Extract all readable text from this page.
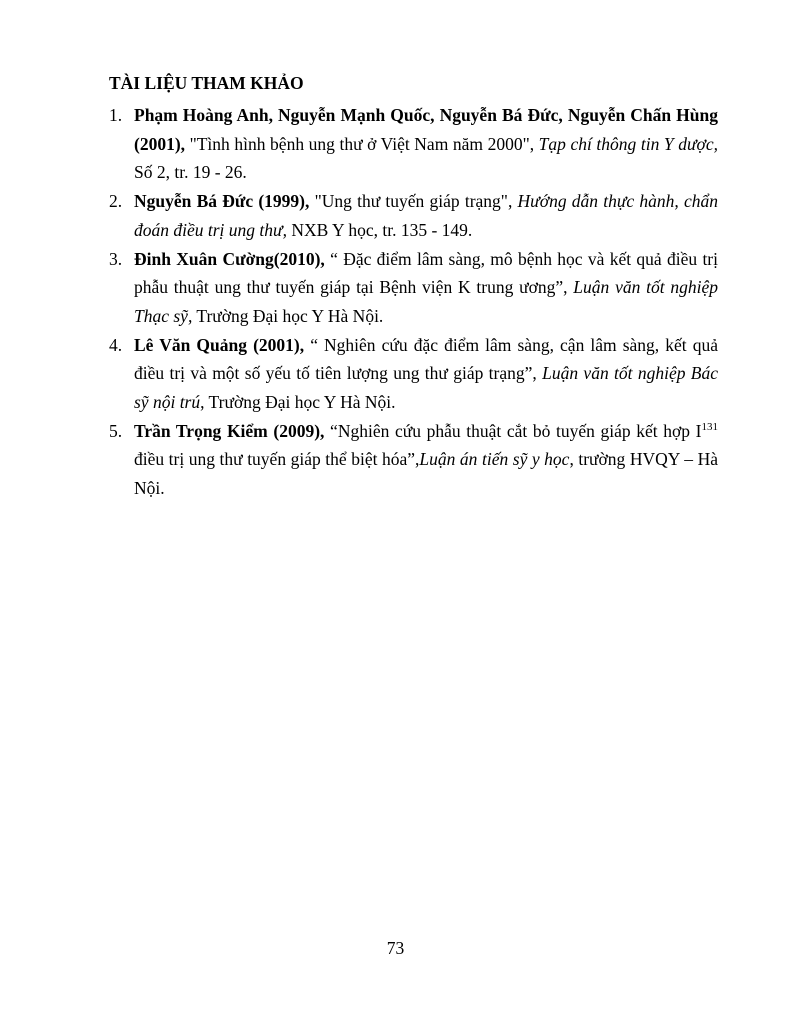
TÀI LIỆU THAM KHẢO

1. Phạm Hoàng Anh, Nguyễn Mạnh Quốc, Nguyễn Bá Đức, Nguyễn Chấn Hùng (2001), "Tình hình bệnh ung thư ở Việt Nam năm 2000", Tạp chí thông tin Y dược, Số 2, tr. 19 - 26.
2. Nguyễn Bá Đức (1999), "Ung thư tuyến giáp trạng", Hướng dẫn thực hành, chẩn đoán điều trị ung thư, NXB Y học, tr. 135 - 149.
3. Đinh Xuân Cường(2010), “ Đặc điểm lâm sàng, mô bệnh học và kết quả điều trị phẫu thuật ung thư tuyến giáp tại Bệnh viện K trung ương”, Luận văn tốt nghiệp Thạc sỹ, Trường Đại học Y Hà Nội.
4. Lê Văn Quảng (2001), “ Nghiên cứu đặc điểm lâm sàng, cận lâm sàng, kết quả điều trị và một số yếu tố tiên lượng ung thư giáp trạng”, Luận văn tốt nghiệp Bác sỹ nội trú, Trường Đại học Y Hà Nội.
5. Trần Trọng Kiểm (2009), “Nghiên cứu phẫu thuật cắt bỏ tuyến giáp kết hợp $I^{131}$ điều trị ung thư tuyến giáp thể biệt hóa”,Luận án tiến sỹ y học, trường HVQY – Hà Nội.
73
